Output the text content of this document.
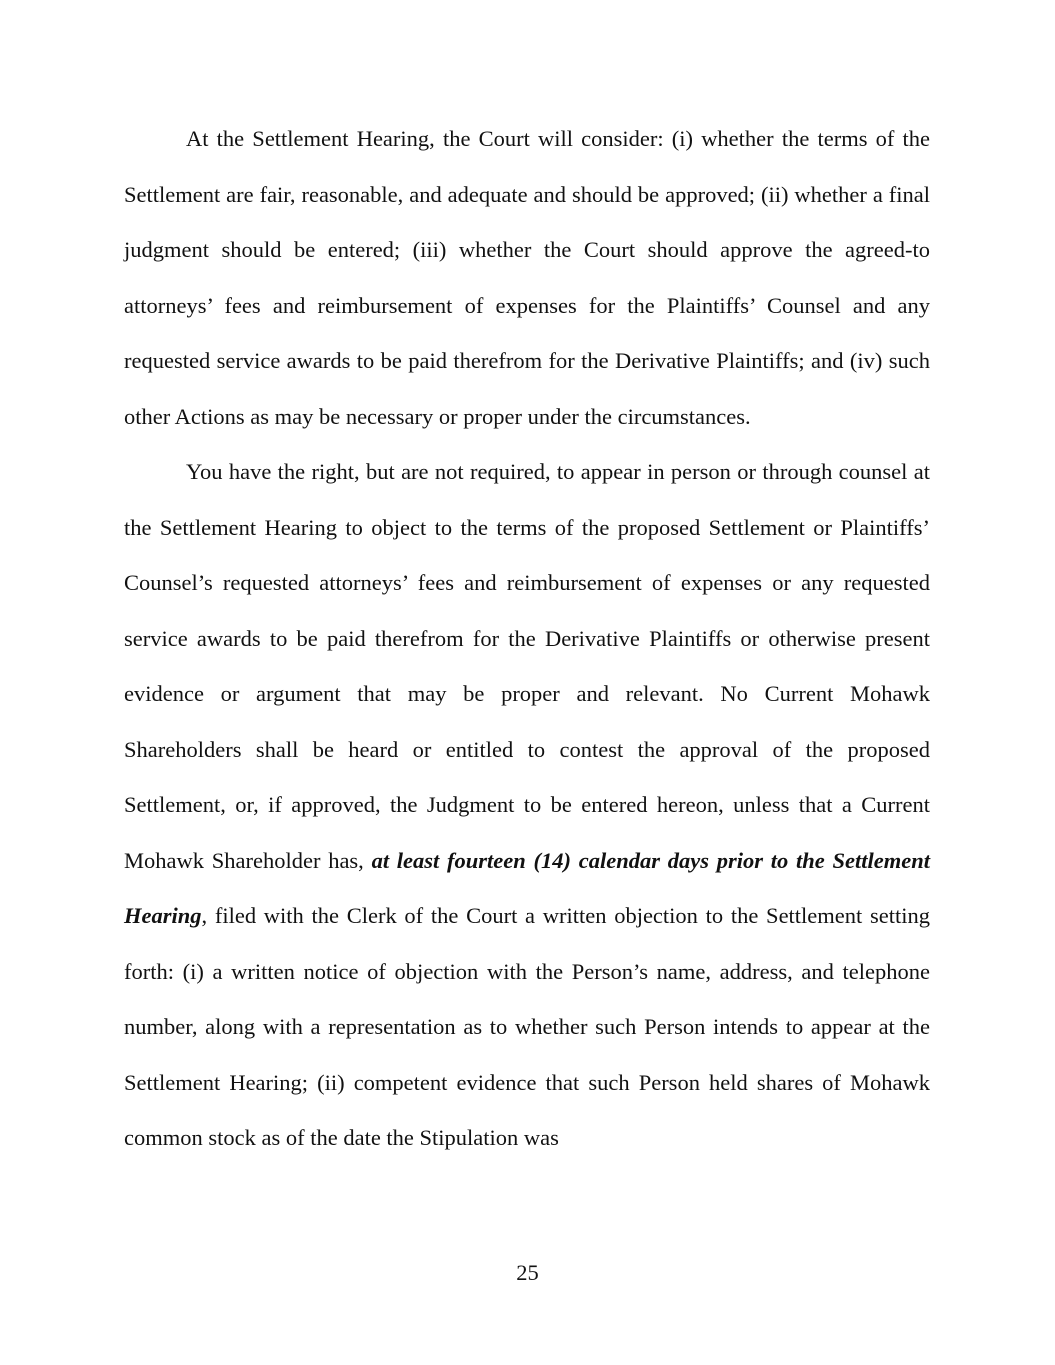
At the Settlement Hearing, the Court will consider: (i) whether the terms of the Settlement are fair, reasonable, and adequate and should be approved; (ii) whether a final judgment should be entered; (iii) whether the Court should approve the agreed-to attorneys’ fees and reimbursement of expenses for the Plaintiffs’ Counsel and any requested service awards to be paid therefrom for the Derivative Plaintiffs; and (iv) such other Actions as may be necessary or proper under the circumstances.

You have the right, but are not required, to appear in person or through counsel at the Settlement Hearing to object to the terms of the proposed Settlement or Plaintiffs’ Counsel’s requested attorneys’ fees and reimbursement of expenses or any requested service awards to be paid therefrom for the Derivative Plaintiffs or otherwise present evidence or argument that may be proper and relevant. No Current Mohawk Shareholders shall be heard or entitled to contest the approval of the proposed Settlement, or, if approved, the Judgment to be entered hereon, unless that a Current Mohawk Shareholder has, at least fourteen (14) calendar days prior to the Settlement Hearing, filed with the Clerk of the Court a written objection to the Settlement setting forth: (i) a written notice of objection with the Person’s name, address, and telephone number, along with a representation as to whether such Person intends to appear at the Settlement Hearing; (ii) competent evidence that such Person held shares of Mohawk common stock as of the date the Stipulation was

25
